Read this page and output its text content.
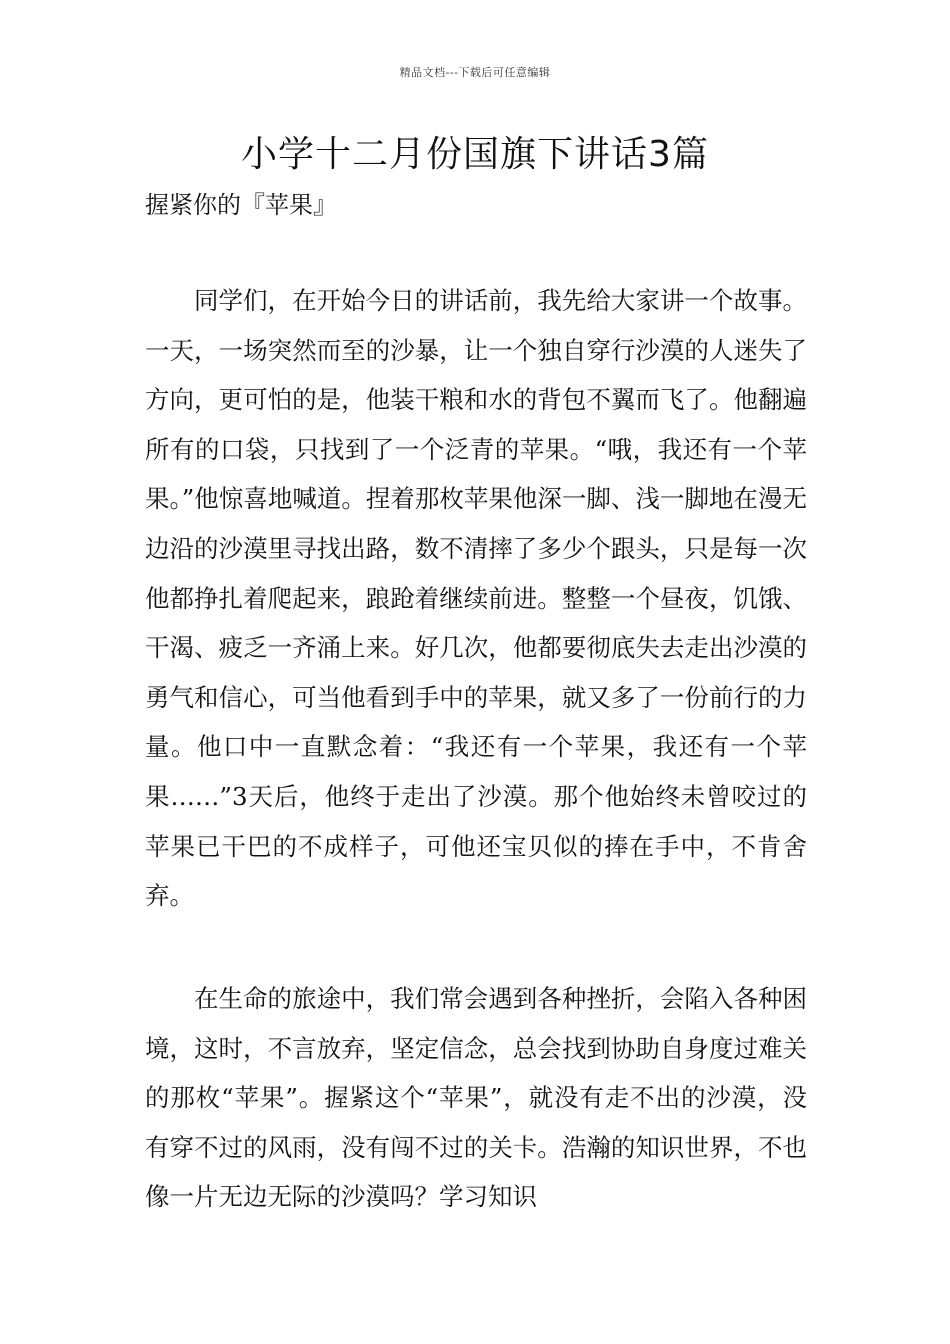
精品文档---下载后可任意编辑
小学十二月份国旗下讲话3篇

握紧你的『苹果』

同学们，在开始今日的讲话前，我先给大家讲一个故事。一天，一场突然而至的沙暴，让一个独自穿行沙漠的人迷失了方向，更可怕的是，他装干粮和水的背包不翼而飞了。他翻遍所有的口袋，只找到了一个泛青的苹果。“哦，我还有一个苹果。”他惊喜地喊道。捏着那枚苹果他深一脚、浅一脚地在漫无边沿的沙漠里寻找出路，数不清摔了多少个跟头，只是每一次他都挣扎着爬起来，踉跄着继续前进。整整一个昼夜，饥饿、干渴、疲乏一齐涌上来。好几次，他都要彻底失去走出沙漠的勇气和信心，可当他看到手中的苹果，就又多了一份前行的力量。他口中一直默念着：“我还有一个苹果，我还有一个苹果……”3天后，他终于走出了沙漠。那个他始终未曾咬过的苹果已干巴的不成样子，可他还宝贝似的捧在手中，不肯舍弃。

在生命的旅途中，我们常会遇到各种挫折，会陷入各种困境，这时，不言放弃，坚定信念，总会找到协助自身度过难关的那枚“苹果”。握紧这个“苹果”，就没有走不出的沙漠，没有穿不过的风雨，没有闯不过的关卡。浩瀚的知识世界，不也像一片无边无际的沙漠吗？学习知识
